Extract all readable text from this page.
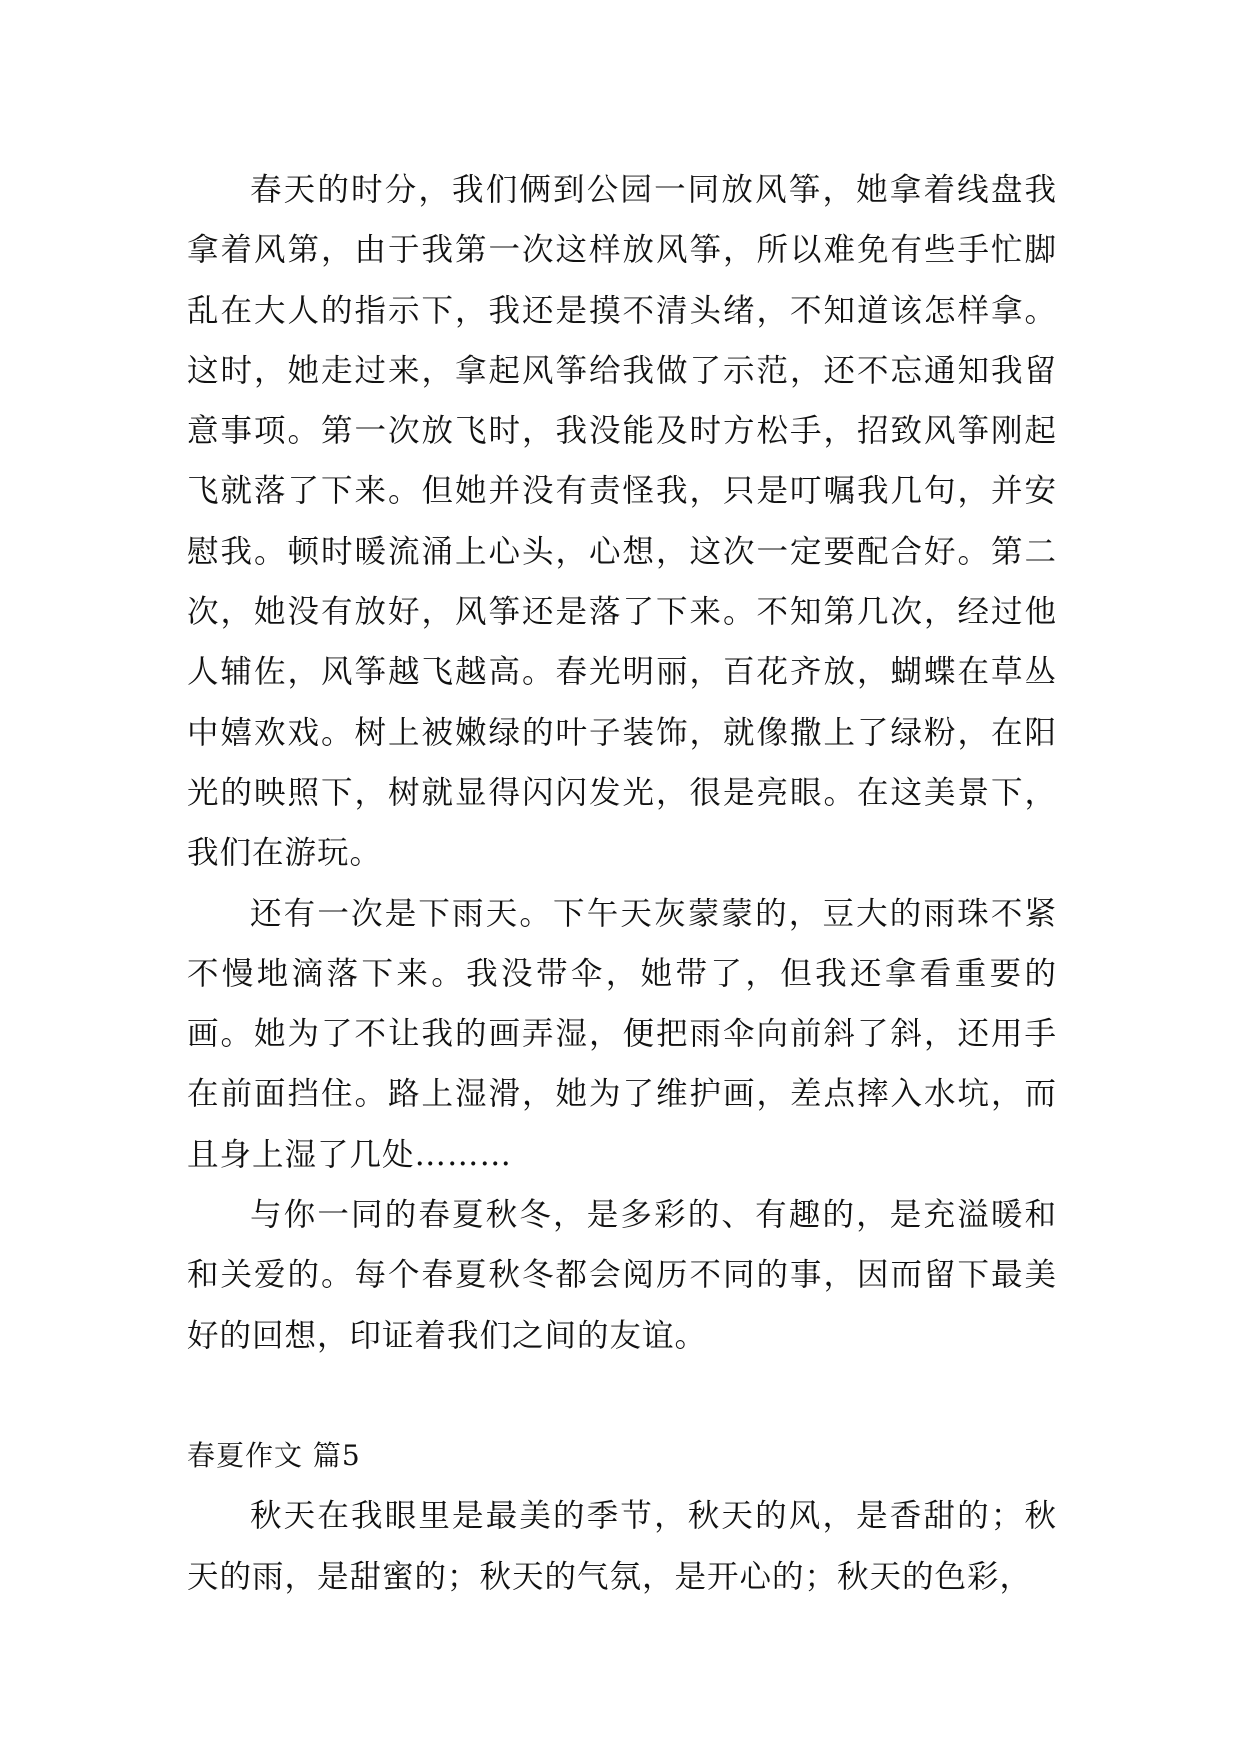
春天的时分，我们俩到公园一同放风筝，她拿着线盘我拿着风第，由于我第一次这样放风筝，所以难免有些手忙脚乱在大人的指示下，我还是摸不清头绪，不知道该怎样拿。这时，她走过来，拿起风筝给我做了示范，还不忘通知我留意事项。第一次放飞时，我没能及时方松手，招致风筝刚起飞就落了下来。但她并没有责怪我，只是叮嘱我几句，并安慰我。顿时暖流涌上心头，心想，这次一定要配合好。第二次，她没有放好，风筝还是落了下来。不知第几次，经过他人辅佐，风筝越飞越高。春光明丽，百花齐放，蝴蝶在草丛中嬉欢戏。树上被嫩绿的叶子装饰，就像撒上了绿粉，在阳光的映照下，树就显得闪闪发光，很是亮眼。在这美景下，我们在游玩。

还有一次是下雨天。下午天灰蒙蒙的，豆大的雨珠不紧不慢地滴落下来。我没带伞，她带了，但我还拿看重要的画。她为了不让我的画弄湿，便把雨伞向前斜了斜，还用手在前面挡住。路上湿滑，她为了维护画，差点摔入水坑，而且身上湿了几处………

与你一同的春夏秋冬，是多彩的、有趣的，是充溢暖和和关爱的。每个春夏秋冬都会阅历不同的事，因而留下最美好的回想，印证着我们之间的友谊。

春夏作文 篇5

秋天在我眼里是最美的季节，秋天的风，是香甜的；秋天的雨，是甜蜜的；秋天的气氛，是开心的；秋天的色彩，
